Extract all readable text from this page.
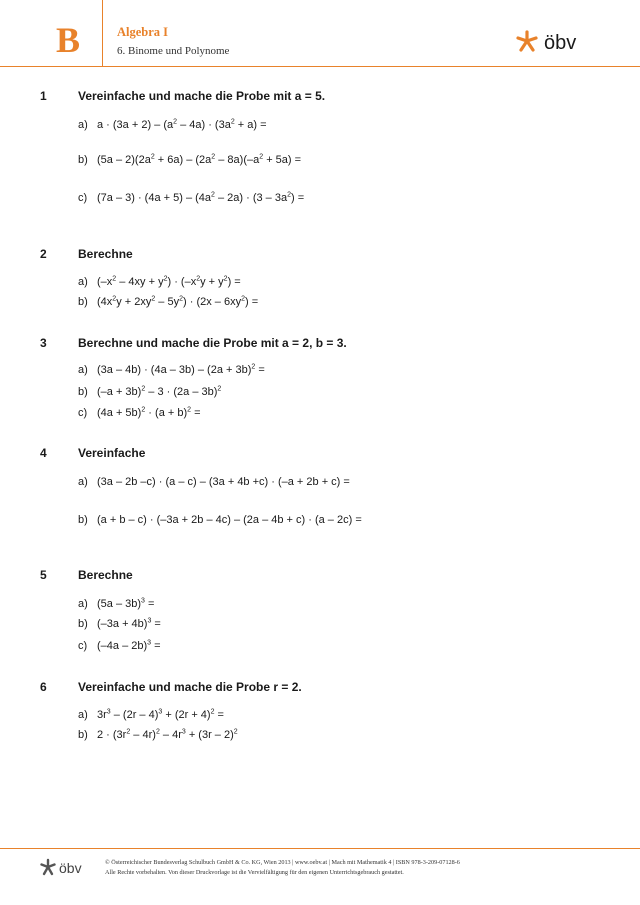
B	Algebra I
6. Binome und Polynome	öbv
1	Vereinfache und mache die Probe mit a = 5.
a) $a \cdot (3a + 2) - (a^2 - 4a) \cdot (3a^2 + a)$ =
b) $(5a - 2)(2a^2 + 6a) - (2a^2 - 8a)(-a^2 + 5a)$ =
c) $(7a - 3) \cdot (4a + 5) - (4a^2 - 2a) \cdot (3 - 3a^2)$ =
2	Berechne
a) $(-x^2 - 4xy + y^2) \cdot (-x^2y + y^2)$ =
b) $(4x^2y + 2xy^2 - 5y^2) \cdot (2x - 6xy^2)$ =
3	Berechne und mache die Probe mit a = 2, b = 3.
a) $(3a - 4b) \cdot (4a - 3b) - (2a + 3b)^2$ =
b) $(-a + 3b)^2 - 3 \cdot (2a - 3b)^2$
c) $(4a + 5b)^2 \cdot (a + b)^2$ =
4	Vereinfache
a) (3a – 2b –c) · (a – c) – (3a + 4b +c) · (–a + 2b + c) =
b) (a + b – c) · (–3a + 2b – 4c) – (2a – 4b + c) · (a – 2c) =
5	Berechne
a) (5a – 3b)$^3$ =
b) $(-3a + 4b)^3$ =
c) (–4a – 2b)$^3$ =
6	Vereinfache und mache die Probe r = 2.
a) $3r^3 - (2r - 4)^3 + (2r + 4)^2$ =
b) $2 \cdot (3r^2 - 4r)^2 - 4r^3 + (3r - 2)^2$
öbv	© Österreichischer Bundesverlag Schulbuch GmbH & Co. KG, Wien 2013 | www.oebv.at | Mach mit Mathematik 4 | ISBN 978-3-209-07128-6
Alle Rechte vorbehalten. Von dieser Druckvorlage ist die Vervielfältigung für den eigenen Unterrichtsgebrauch gestattet.
